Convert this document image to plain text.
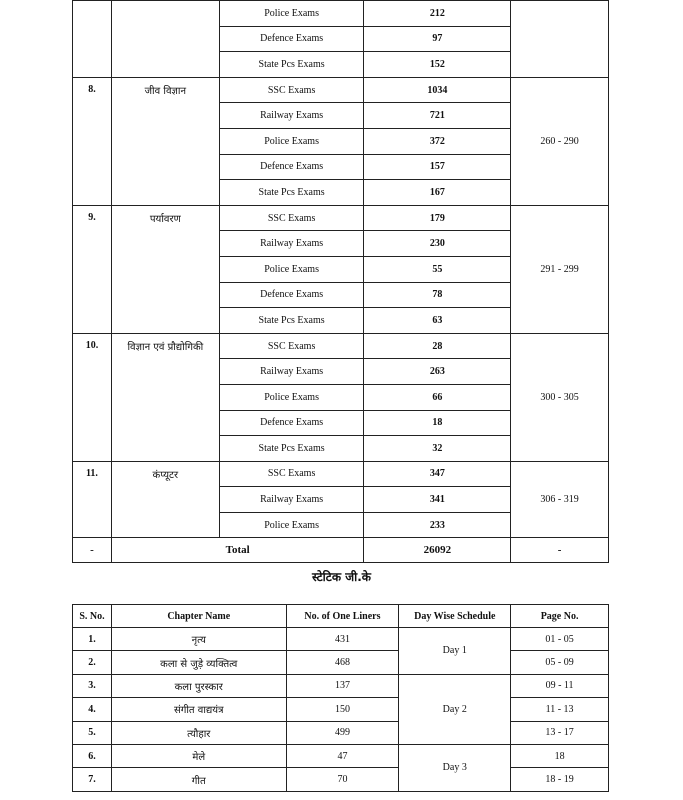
		Police Exams	212	
		Defence Exams	97	
		State Pcs Exams	152	
8.	जीव विज्ञान	SSC Exams	1034	260 - 290
		Railway Exams	721	
		Police Exams	372	
		Defence Exams	157	
		State Pcs Exams	167	
9.	पर्यावरण	SSC Exams	179	291 - 299
		Railway Exams	230	
		Police Exams	55	
		Defence Exams	78	
		State Pcs Exams	63	
10.	विज्ञान एवं प्रौद्योगिकी	SSC Exams	28	300 - 305
		Railway Exams	263	
		Police Exams	66	
		Defence Exams	18	
		State Pcs Exams	32	
11.	कंप्यूटर	SSC Exams	347	306 - 319
		Railway Exams	341	
		Police Exams	233	
-	Total		26092	-
स्टेटिक जी.के
S. No.	Chapter Name	No. of One Liners	Day Wise Schedule	Page No.
1.	नृत्य	431	Day 1	01 - 05
2.	कला से जुड़े व्यक्तित्व	468		05 - 09
3.	कला पुरस्कार	137	Day 2	09 - 11
4.	संगीत वाद्ययंत्र	150		11 - 13
5.	त्यौहार	499		13 - 17
6.	मेले	47	Day 3	18
7.	गीत	70		18 - 19
